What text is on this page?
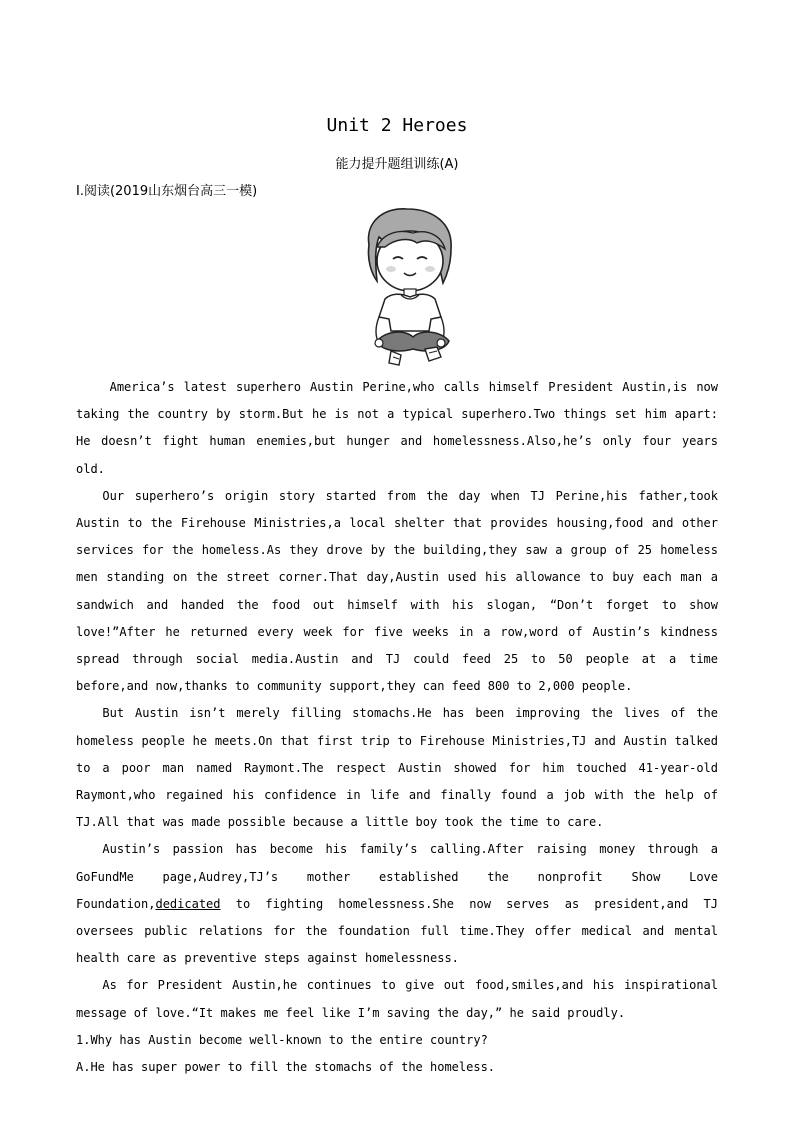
Unit 2 Heroes
能力提升题组训练(A)
Ⅰ.阅读(2019山东烟台高三一模)

America’s latest superhero Austin Perine,who calls himself President Austin,is now taking the country by storm.But he is not a typical superhero.Two things set him apart: He doesn’t fight human enemies,but hunger and homelessness.Also,he’s only four years old.

Our superhero’s origin story started from the day when TJ Perine,his father,took Austin to the Firehouse Ministries,a local shelter that provides housing,food and other services for the homeless.As they drove by the building,they saw a group of 25 homeless men standing on the street corner.That day,Austin used his allowance to buy each man a sandwich and handed the food out himself with his slogan, “Don’t forget to show love!”After he returned every week for five weeks in a row,word of Austin’s kindness spread through social media.Austin and TJ could feed 25 to 50 people at a time before,and now,thanks to community support,they can feed 800 to 2,000 people.

But Austin isn’t merely filling stomachs.He has been improving the lives of the homeless people he meets.On that first trip to Firehouse Ministries,TJ and Austin talked to a poor man named Raymont.The respect Austin showed for him touched 41-year-old Raymont,who regained his confidence in life and finally found a job with the help of TJ.All that was made possible because a little boy took the time to care.

Austin’s passion has become his family’s calling.After raising money through a GoFundMe page,Audrey,TJ’s mother established the nonprofit Show Love Foundation,dedicated to fighting homelessness.She now serves as president,and TJ oversees public relations for the foundation full time.They offer medical and mental health care as preventive steps against homelessness.

As for President Austin,he continues to give out food,smiles,and his inspirational message of love.“It makes me feel like I’m saving the day,” he said proudly.

1.Why has Austin become well-known to the entire country?
A.He has super power to fill the stomachs of the homeless.
